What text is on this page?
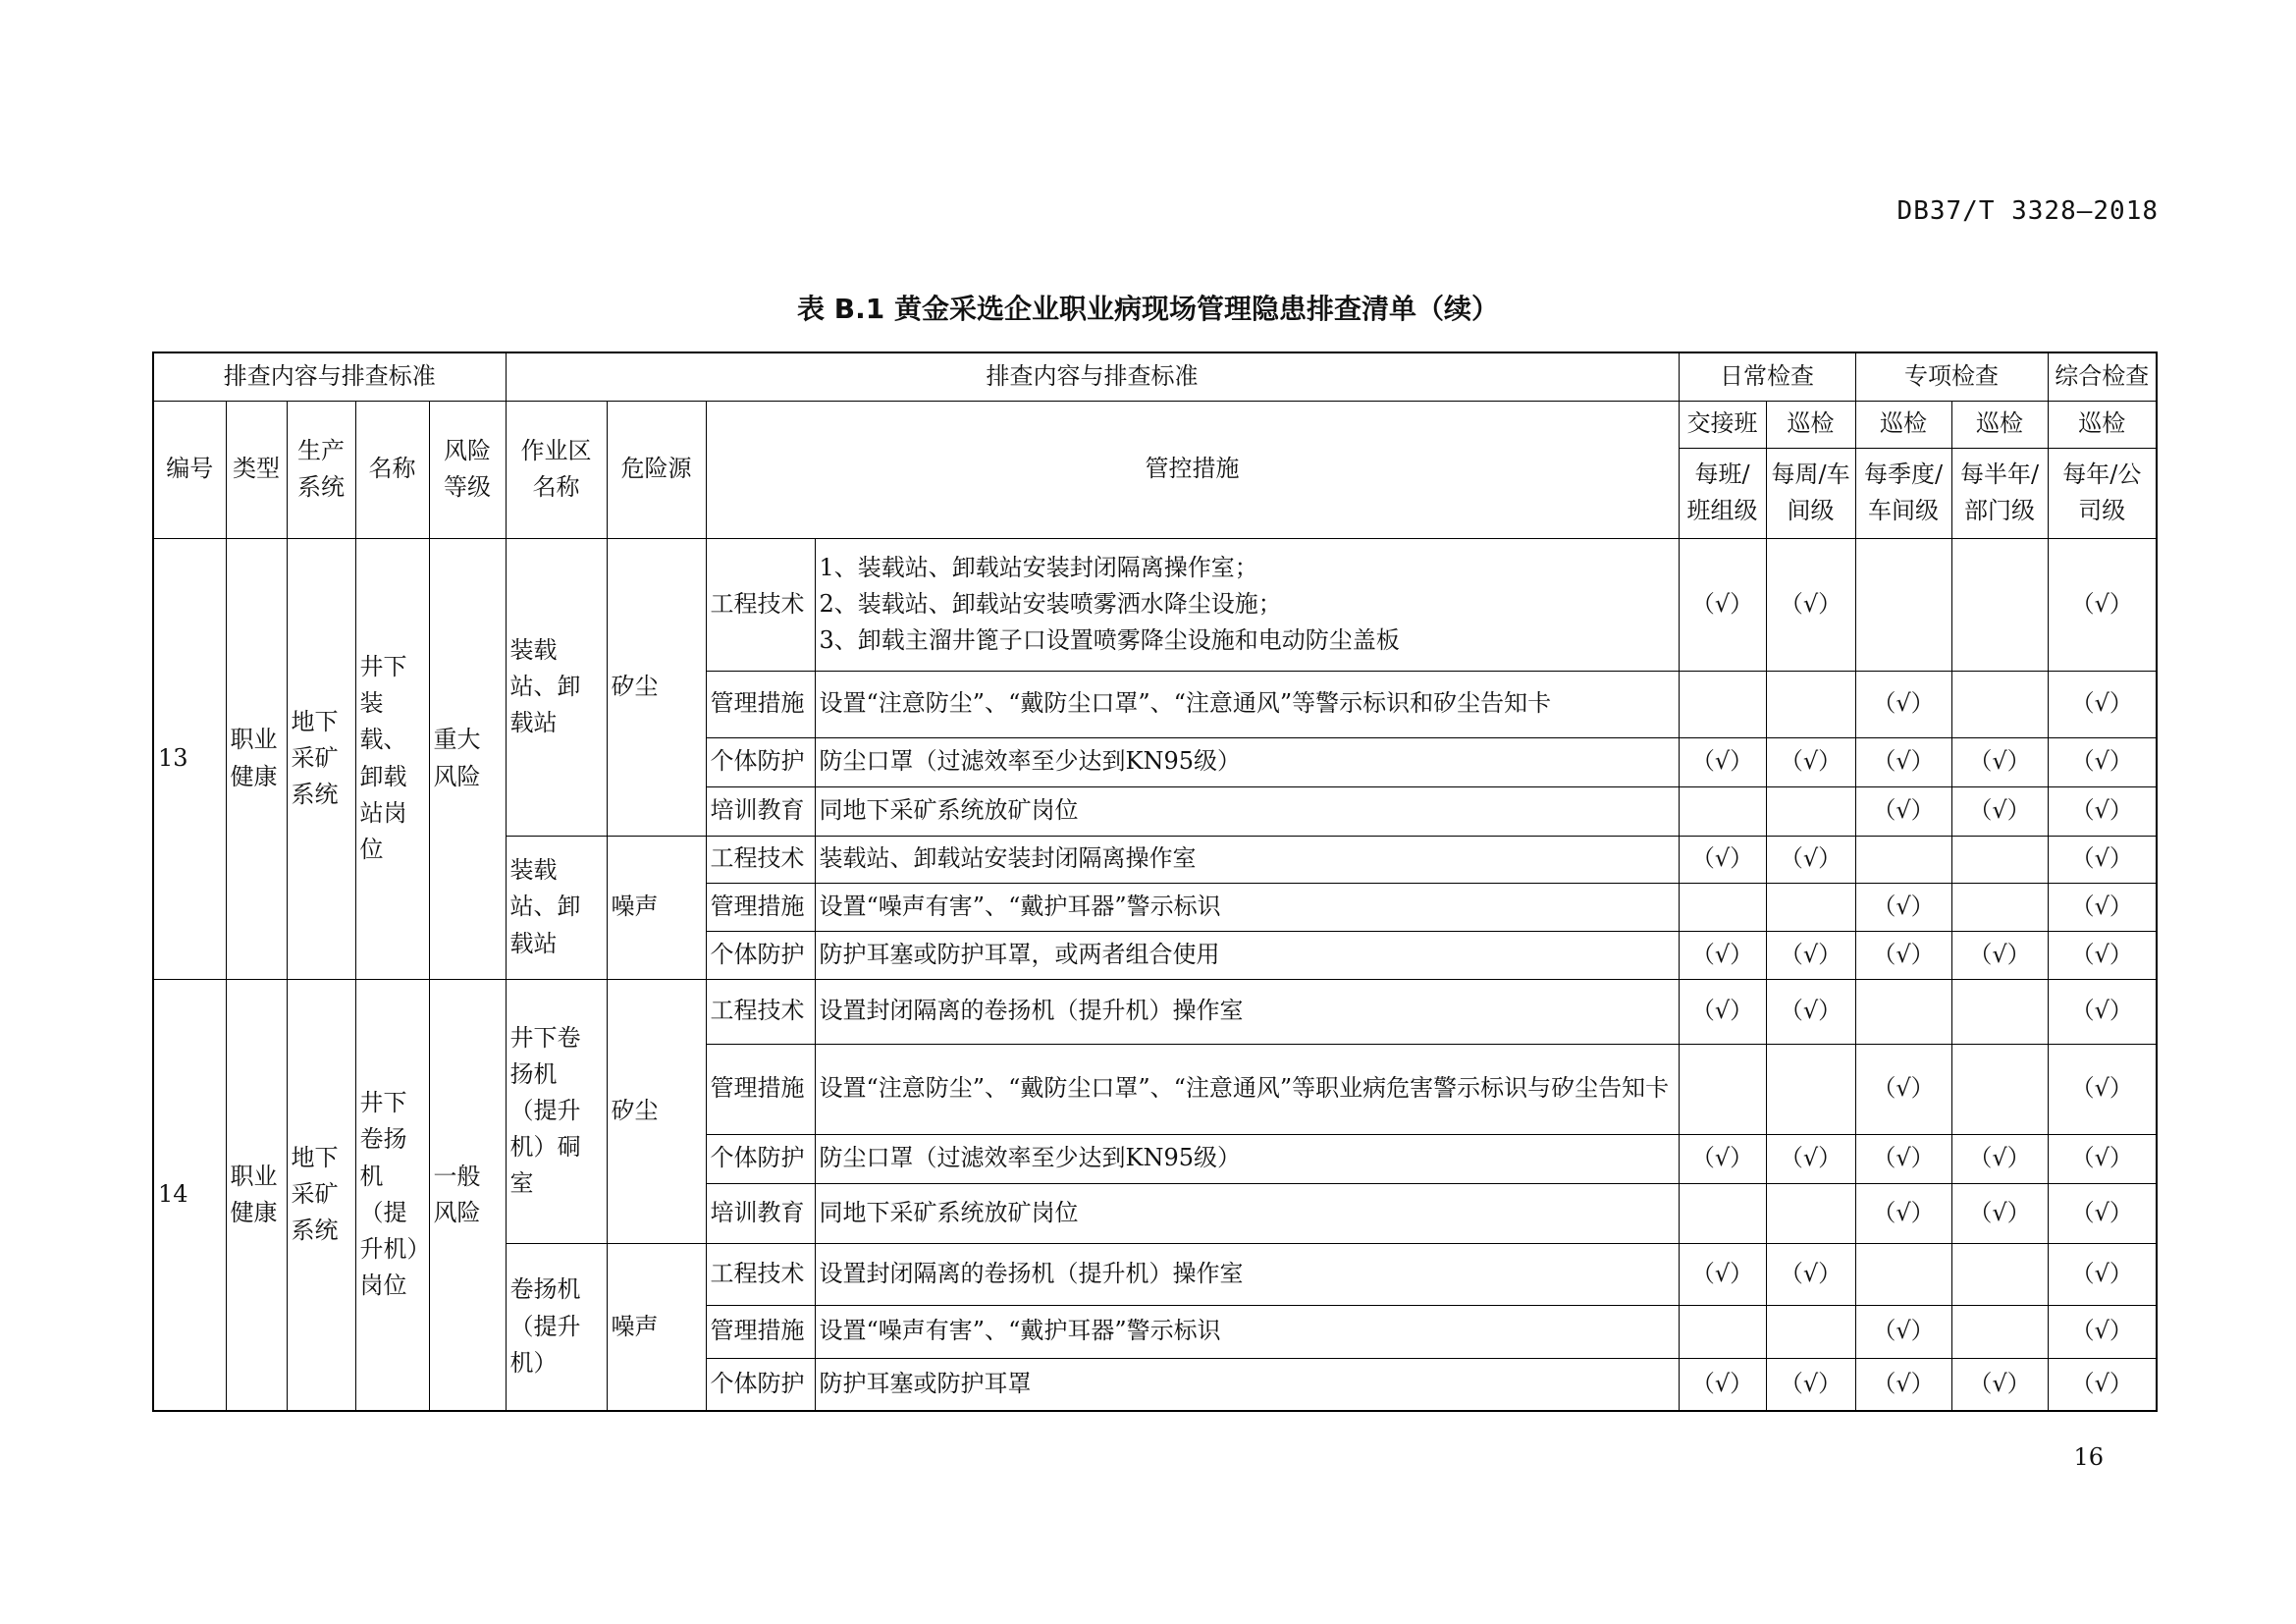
DB37/T 3328—2018
表 B.1 黄金采选企业职业病现场管理隐患排查清单（续）
排查内容与排查标准					排查内容与排查标准				日常检查		专项检查		综合检查
编号	类型	生产系统	名称	风险等级	作业区名称	危险源	管控措施		交接班	巡检	巡检	巡检	巡检
									每班/班组级	每周/车间级	每季度/车间级	每半年/部门级	每年/公司级
13	职业健康	地下采矿系统	井下装载、卸载站岗位	重大风险	装载站、卸载站	矽尘	工程技术	1、装载站、卸载站安装封闭隔离操作室；
2、装载站、卸载站安装喷雾洒水降尘设施；
3、卸载主溜井篦子口设置喷雾降尘设施和电动防尘盖板	（√）	（√）			（√）
							管理措施	设置“注意防尘”、“戴防尘口罩”、“注意通风”等警示标识和矽尘告知卡			（√）		（√）
							个体防护	防尘口罩（过滤效率至少达到KN95级）	（√）	（√）	（√）	（√）	（√）
							培训教育	同地下采矿系统放矿岗位			（√）	（√）	（√）
					装载站、卸载站	噪声	工程技术	装载站、卸载站安装封闭隔离操作室	（√）	（√）			（√）
							管理措施	设置“噪声有害”、“戴护耳器”警示标识			（√）		（√）
							个体防护	防护耳塞或防护耳罩，或两者组合使用	（√）	（√）	（√）	（√）	（√）
14	职业健康	地下采矿系统	井下卷扬机（提升机）岗位	一般风险	井下卷扬机（提升机）硐室	矽尘	工程技术	设置封闭隔离的卷扬机（提升机）操作室	（√）	（√）			（√）
							管理措施	设置“注意防尘”、“戴防尘口罩”、“注意通风”等职业病危害警示标识与矽尘告知卡			（√）		（√）
							个体防护	防尘口罩（过滤效率至少达到KN95级）	（√）	（√）	（√）	（√）	（√）
							培训教育	同地下采矿系统放矿岗位			（√）	（√）	（√）
					卷扬机（提升机）	噪声	工程技术	设置封闭隔离的卷扬机（提升机）操作室	（√）	（√）			（√）
							管理措施	设置“噪声有害”、“戴护耳器”警示标识			（√）		（√）
							个体防护	防护耳塞或防护耳罩	（√）	（√）	（√）	（√）	（√）
16
